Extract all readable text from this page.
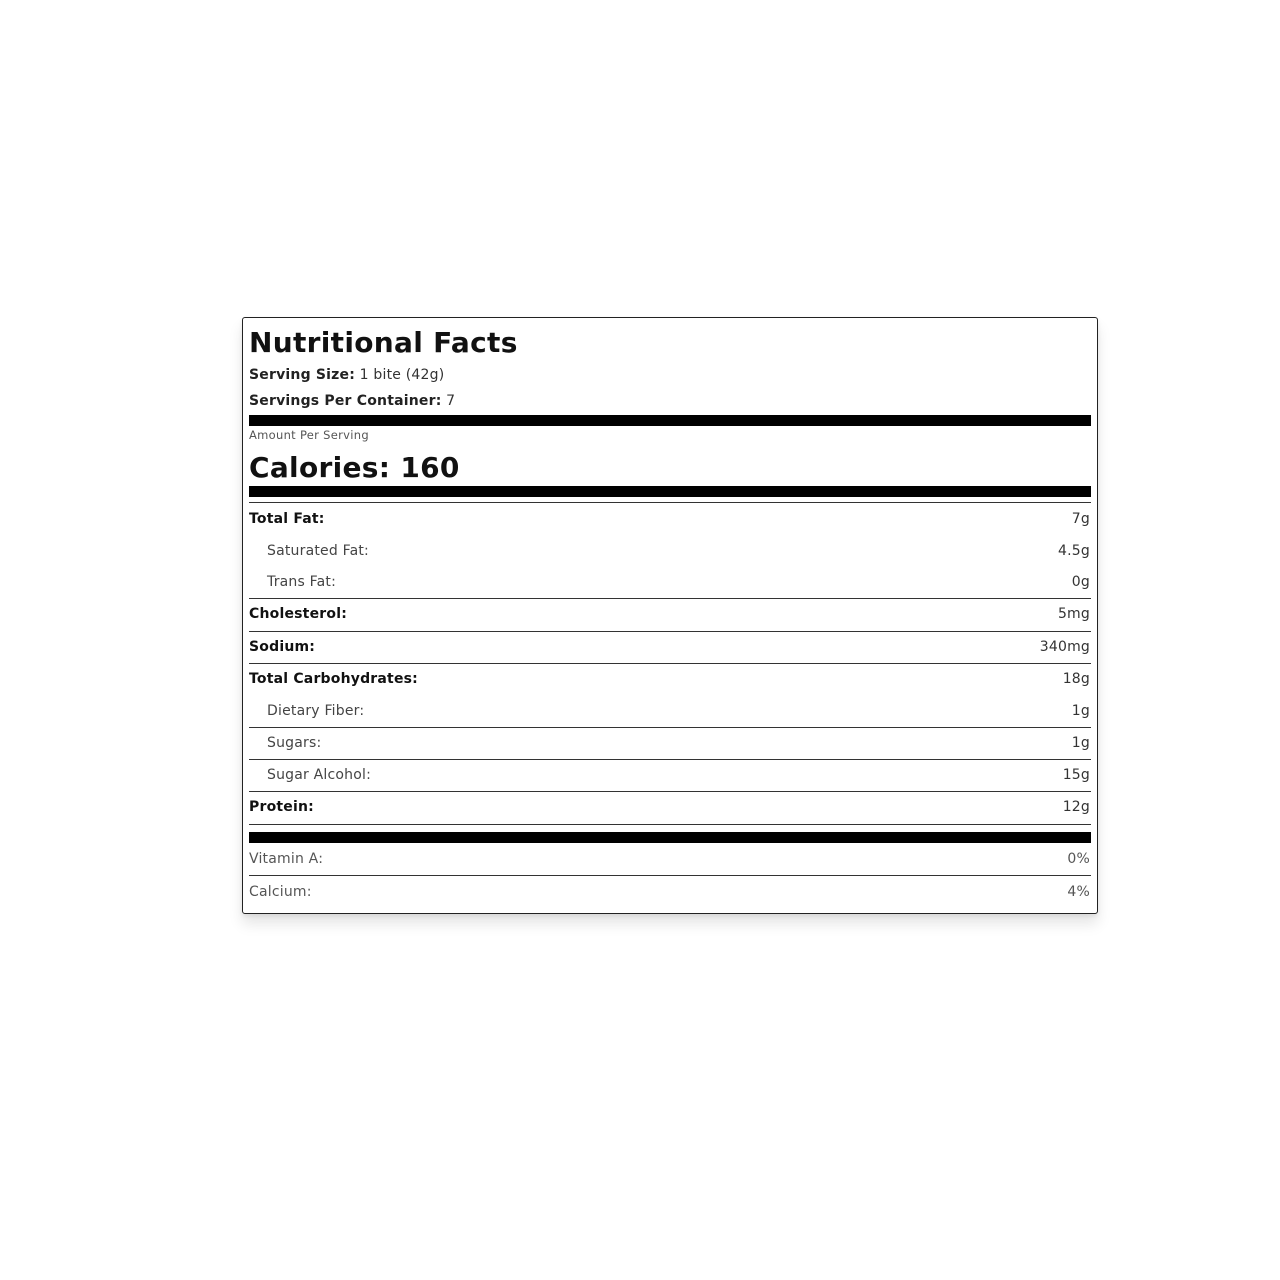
Nutritional Facts
Serving Size: 1 bite (42g)
Servings Per Container: 7
Amount Per Serving
Calories: 160
Total Fat:	7g
Saturated Fat:	4.5g
Trans Fat:	0g
Cholesterol:	5mg
Sodium:	340mg
Total Carbohydrates:	18g
Dietary Fiber:	1g
Sugars:	1g
Sugar Alcohol:	15g
Protein:	12g
Vitamin A:	0%
Calcium:	4%
